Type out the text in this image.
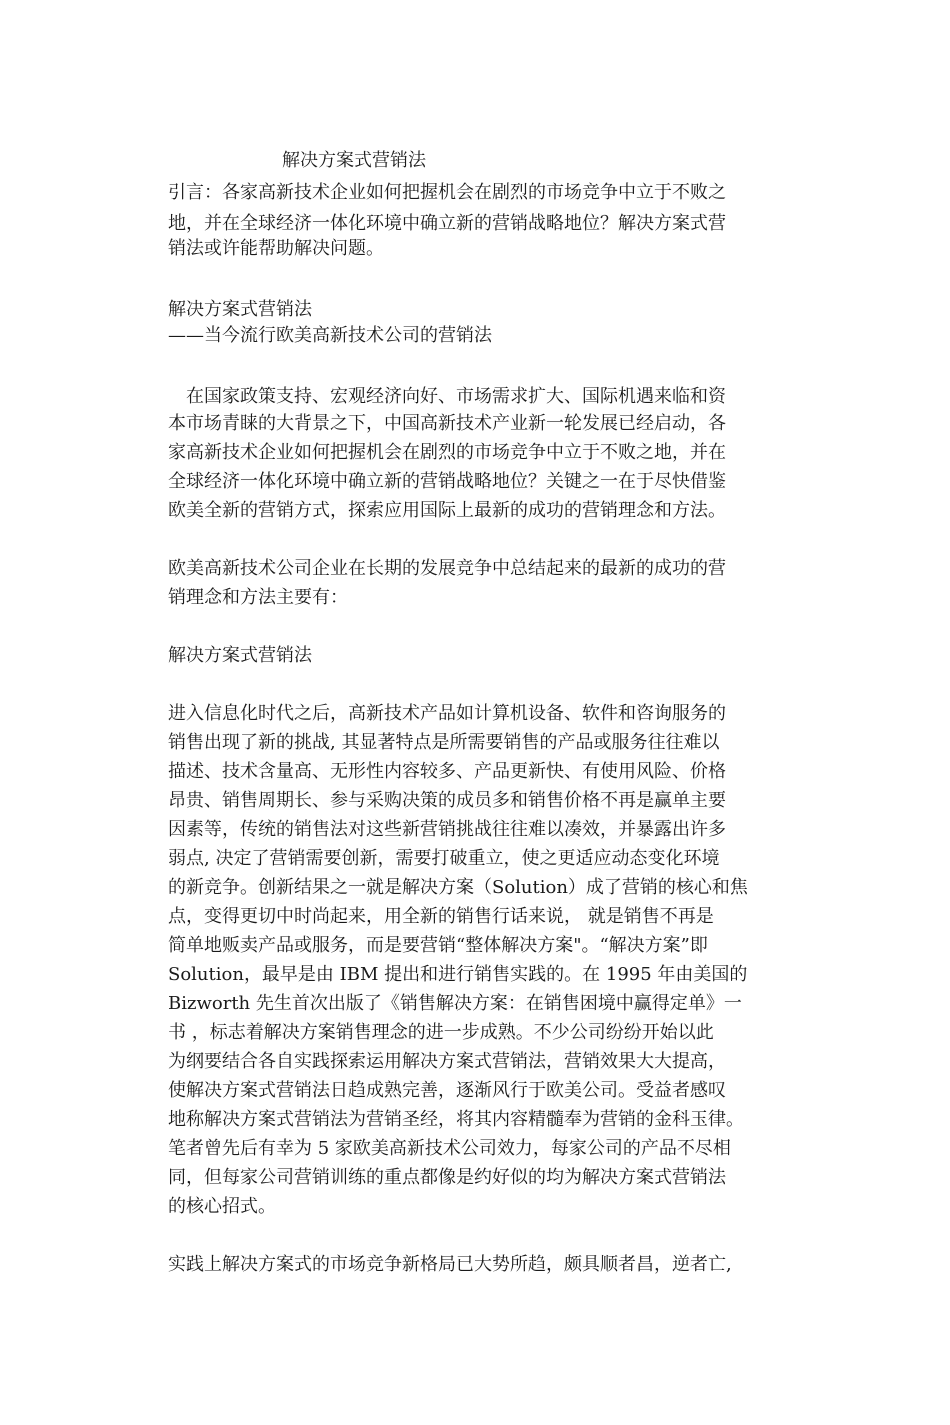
解决方案式营销法
引言：各家高新技术企业如何把握机会在剧烈的市场竞争中立于不败之
地，并在全球经济一体化环境中确立新的营销战略地位？解决方案式营
销法或许能帮助解决问题。
解决方案式营销法
——当今流行欧美高新技术公司的营销法
　在国家政策支持、宏观经济向好、市场需求扩大、国际机遇来临和资
本市场青睐的大背景之下，中国高新技术产业新一轮发展已经启动，各
家高新技术企业如何把握机会在剧烈的市场竞争中立于不败之地，并在
全球经济一体化环境中确立新的营销战略地位？关键之一在于尽快借鉴
欧美全新的营销方式，探索应用国际上最新的成功的营销理念和方法。
欧美高新技术公司企业在长期的发展竞争中总结起来的最新的成功的营
销理念和方法主要有：
解决方案式营销法
进入信息化时代之后，高新技术产品如计算机设备、软件和咨询服务的
销售出现了新的挑战, 其显著特点是所需要销售的产品或服务往往难以
描述、技术含量高、无形性内容较多、产品更新快、有使用风险、价格
昂贵、销售周期长、参与采购决策的成员多和销售价格不再是赢单主要
因素等，传统的销售法对这些新营销挑战往往难以凑效，并暴露出许多
弱点, 决定了营销需要创新，需要打破重立，使之更适应动态变化环境
的新竞争。创新结果之一就是解决方案（Solution）成了营销的核心和焦
点，变得更切中时尚起来，用全新的销售行话来说， 就是销售不再是
简单地贩卖产品或服务，而是要营销“整体解决方案"。“解决方案”即
Solution，最早是由 IBM 提出和进行销售实践的。在 1995 年由美国的
Bizworth 先生首次出版了《销售解决方案：在销售困境中赢得定单》一
书 ，标志着解决方案销售理念的进一步成熟。不少公司纷纷开始以此
为纲要结合各自实践探索运用解决方案式营销法，营销效果大大提高，
使解决方案式营销法日趋成熟完善，逐渐风行于欧美公司。受益者感叹
地称解决方案式营销法为营销圣经，将其内容精髓奉为营销的金科玉律。
笔者曾先后有幸为 5 家欧美高新技术公司效力，每家公司的产品不尽相
同，但每家公司营销训练的重点都像是约好似的均为解决方案式营销法
的核心招式。
实践上解决方案式的市场竞争新格局已大势所趋，颇具顺者昌，逆者亡,
